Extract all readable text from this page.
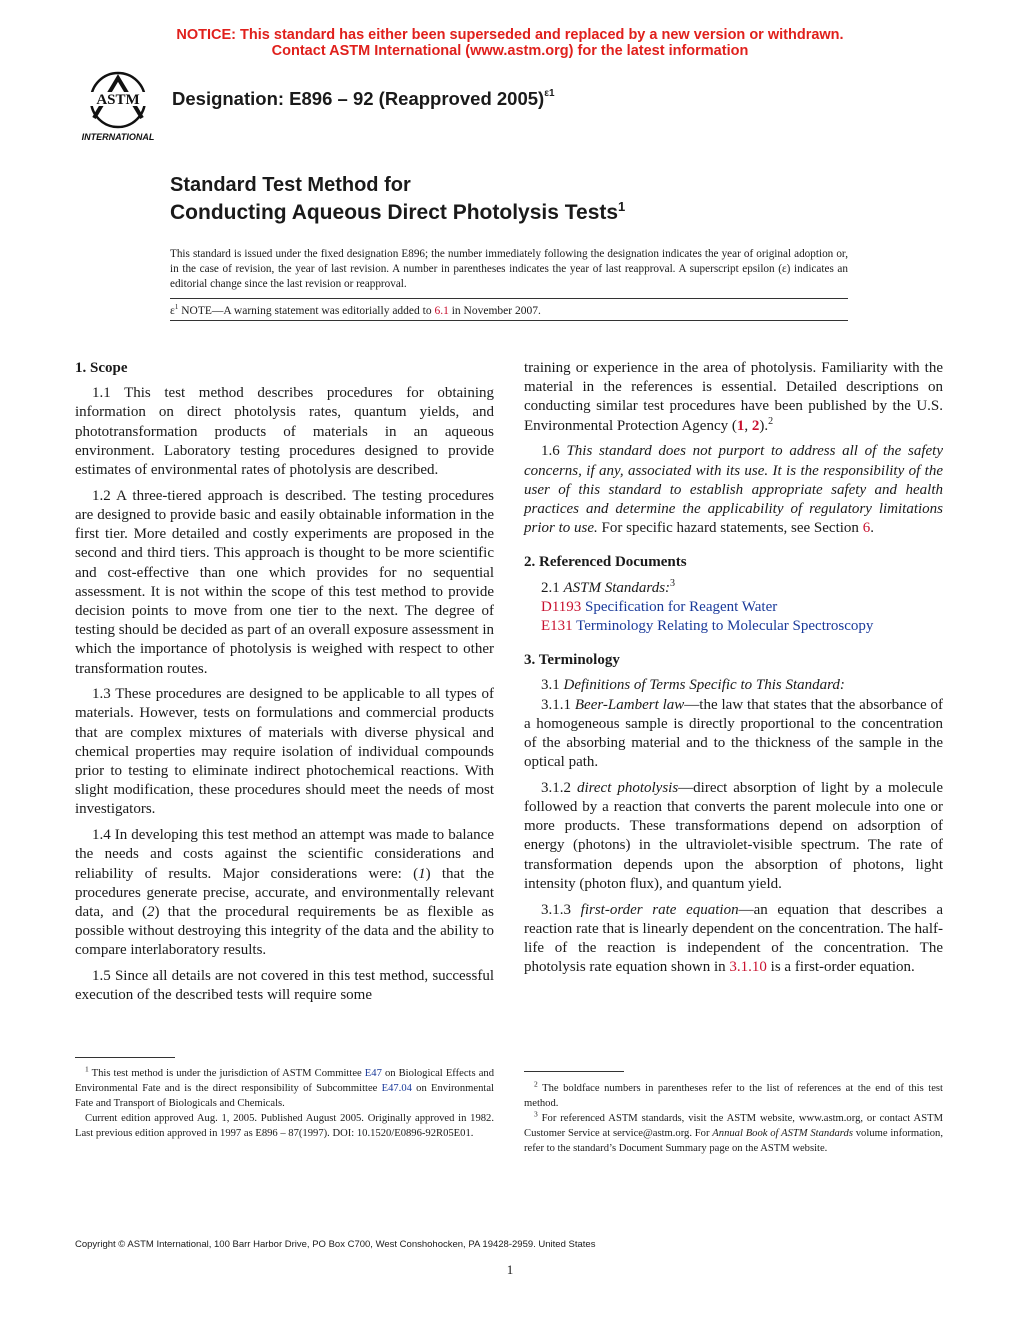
NOTICE: This standard has either been superseded and replaced by a new version or withdrawn.
Contact ASTM International (www.astm.org) for the latest information
ASTM
INTERNATIONAL
Designation: E896 – 92 (Reapproved 2005)$^{\varepsilon 1}$
Standard Test Method for
Conducting Aqueous Direct Photolysis Tests$^1$
This standard is issued under the fixed designation E896; the number immediately following the designation indicates the year of original adoption or, in the case of revision, the year of last revision. A number in parentheses indicates the year of last reapproval. A superscript epsilon (ε) indicates an editorial change since the last revision or reapproval.
$\varepsilon^1$ NOTE—A warning statement was editorially added to 6.1 in November 2007.
1. Scope

1.1 This test method describes procedures for obtaining information on direct photolysis rates, quantum yields, and phototransformation products of materials in an aqueous environment. Laboratory testing procedures designed to provide estimates of environmental rates of photolysis are described.

1.2 A three-tiered approach is described. The testing procedures are designed to provide basic and easily obtainable information in the first tier. More detailed and costly experiments are proposed in the second and third tiers. This approach is thought to be more scientific and cost-effective than one which provides for no sequential assessment. It is not within the scope of this test method to provide decision points to move from one tier to the next. The degree of testing should be decided as part of an overall exposure assessment in which the importance of photolysis is weighed with respect to other transformation routes.

1.3 These procedures are designed to be applicable to all types of materials. However, tests on formulations and commercial products that are complex mixtures of materials with diverse physical and chemical properties may require isolation of individual compounds prior to testing to eliminate indirect photochemical reactions. With slight modification, these procedures should meet the needs of most investigators.

1.4 In developing this test method an attempt was made to balance the needs and costs against the scientific considerations and reliability of results. Major considerations were: (1) that the procedures generate precise, accurate, and environmentally relevant data, and (2) that the procedural requirements be as flexible as possible without destroying this integrity of the data and the ability to compare interlaboratory results.

1.5 Since all details are not covered in this test method, successful execution of the described tests will require some

training or experience in the area of photolysis. Familiarity with the material in the references is essential. Detailed descriptions on conducting similar test procedures have been published by the U.S. Environmental Protection Agency (1, 2).$^2$

1.6 This standard does not purport to address all of the safety concerns, if any, associated with its use. It is the responsibility of the user of this standard to establish appropriate safety and health practices and determine the applicability of regulatory limitations prior to use. For specific hazard statements, see Section 6.

2. Referenced Documents

2.1 ASTM Standards:$^3$

D1193 Specification for Reagent Water

E131 Terminology Relating to Molecular Spectroscopy

3. Terminology

3.1 Definitions of Terms Specific to This Standard:

3.1.1 Beer-Lambert law—the law that states that the absorbance of a homogeneous sample is directly proportional to the concentration of the absorbing material and to the thickness of the sample in the optical path.

3.1.2 direct photolysis—direct absorption of light by a molecule followed by a reaction that converts the parent molecule into one or more products. These transformations depend on adsorption of energy (photons) in the ultraviolet-visible spectrum. The rate of transformation depends upon the absorption of photons, light intensity (photon flux), and quantum yield.

3.1.3 first-order rate equation—an equation that describes a reaction rate that is linearly dependent on the concentration. The half-life of the reaction is independent of the concentration. The photolysis rate equation shown in 3.1.10 is a first-order equation.

$^1$ This test method is under the jurisdiction of ASTM Committee E47 on Biological Effects and Environmental Fate and is the direct responsibility of Subcommittee E47.04 on Environmental Fate and Transport of Biologicals and Chemicals.

Current edition approved Aug. 1, 2005. Published August 2005. Originally approved in 1982. Last previous edition approved in 1997 as E896 – 87(1997). DOI: 10.1520/E0896-92R05E01.

$^2$ The boldface numbers in parentheses refer to the list of references at the end of this test method.

$^3$ For referenced ASTM standards, visit the ASTM website, www.astm.org, or contact ASTM Customer Service at service@astm.org. For Annual Book of ASTM Standards volume information, refer to the standard’s Document Summary page on the ASTM website.

Copyright © ASTM International, 100 Barr Harbor Drive, PO Box C700, West Conshohocken, PA 19428-2959. United States
1
